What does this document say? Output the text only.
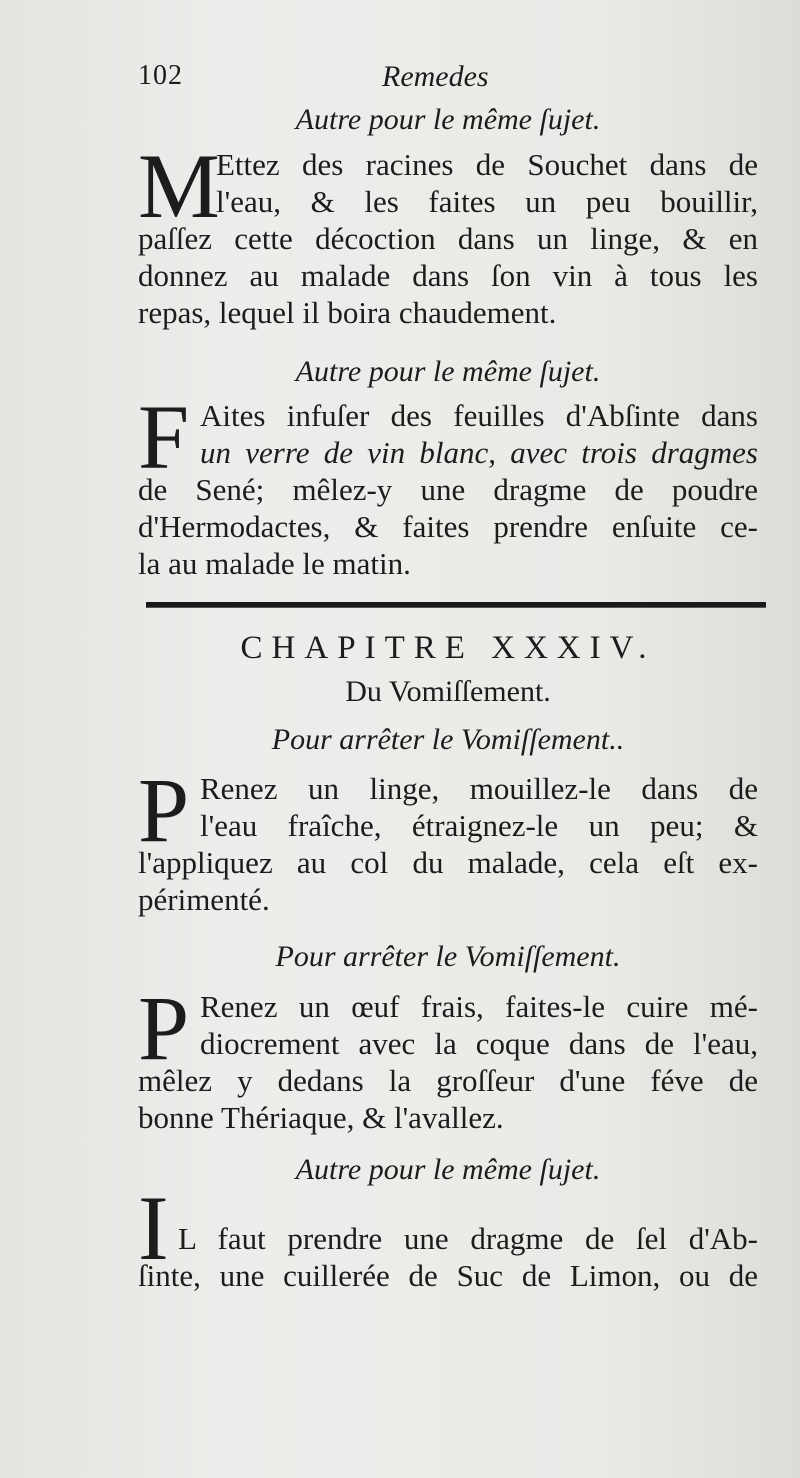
102	Remedes
Autre pour le même ſujet.
M
Ettez des racines de Souchet dans de
l'eau, & les faites un peu bouillir,
paſſez cette décoction dans un linge, & en
donnez au malade dans ſon vin à tous les
repas, lequel il boira chaudement.
Autre pour le même ſujet.
F Aites infuſer des feuilles d'Abſinte dans
un verre de vin blanc, avec trois dragmes
de Sené; mêlez-y une dragme de poudre
d'Hermodactes, & faites prendre enſuite ce-
la au malade le matin.
CHAPITRE XXXIV.
Du Vomiſſement.
Pour arrêter le Vomiſſement..
P Renez un linge, mouillez-le dans de
l'eau fraîche, étraignez-le un peu; &
l'appliquez au col du malade, cela eſt ex-
périmenté.
Pour arrêter le Vomiſſement.
P Renez un œuf frais, faites-le cuire mé-
diocrement avec la coque dans de l'eau,
mêlez y dedans la groſſeur d'une féve de
bonne Thériaque, & l'avallez.
Autre pour le même ſujet.
I L faut prendre une dragme de ſel d'Ab-
ſinte, une cuillerée de Suc de Limon, ou de
